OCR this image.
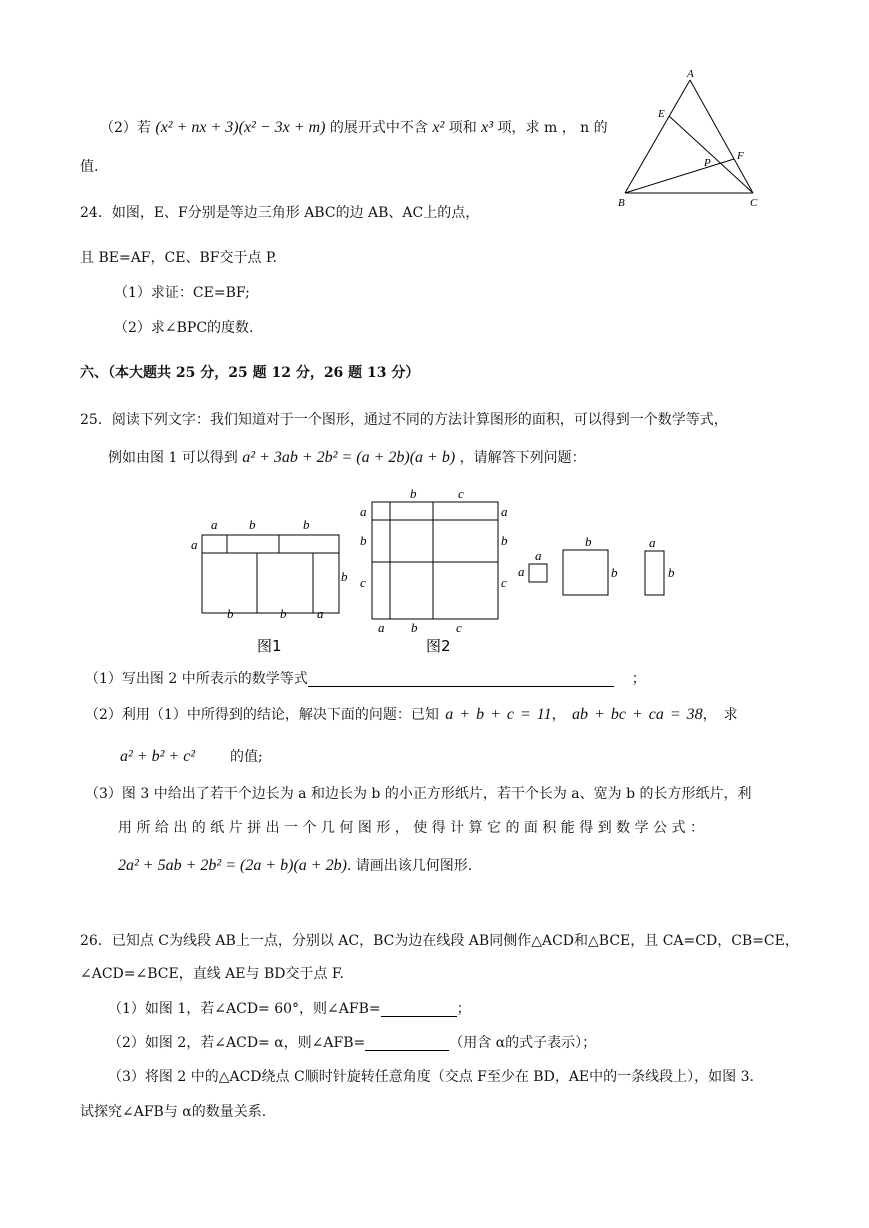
（2）若 (x² + nx + 3)(x² − 3x + m) 的展开式中不含 x² 项和 x³ 项，求 m ， n 的
值.
A
E
F
P
B	C
24．如图，E、F分别是等边三角形 ABC的边 AB、AC上的点，
且 BE=AF，CE、BF交于点 P.
（1）求证：CE=BF;
（2）求∠BPC的度数.
六、（本大题共 25 分，25 题 12 分，26 题 13 分）
25．阅读下列文字：我们知道对于一个图形，通过不同的方法计算图形的面积，可以得到一个数学等式，
例如由图 1 可以得到 a² + 3ab + 2b² = (a + 2b)(a + b) ，请解答下列问题：
a b	b
a
b
b	b a
图1
b	c
a
b
c
a
b
c
a b	c
图2
a
a
b
b
a
b
（1）写出图 2 中所表示的数学等式	；
（2）利用（1）中所得到的结论，解决下面的问题：已知 a + b + c = 11， ab + bc + ca = 38，　求
a² + b² + c² 的值;
（3）图 3 中给出了若干个边长为 a 和边长为 b 的小正方形纸片，若干个长为 a、宽为 b 的长方形纸片，利
用 所 给 出 的 纸 片 拼 出 一 个 几 何 图 形 ， 使 得 计 算 它 的 面 积 能 得 到 数 学 公 式 ：
2a² + 5ab + 2b² = (2a + b)(a + 2b). 请画出该几何图形.
26．已知点 C为线段 AB上一点，分别以 AC，BC为边在线段 AB同侧作△ACD和△BCE，且 CA=CD，CB=CE，
∠ACD=∠BCE，直线 AE与 BD交于点 F.
（1）如图 1，若∠ACD= 60°，则∠AFB=	；
（2）如图 2，若∠ACD= α，则∠AFB=	（用含 α的式子表示）；
（3）将图 2 中的△ACD绕点 C顺时针旋转任意角度（交点 F至少在 BD，AE中的一条线段上），如图 3.
试探究∠AFB与 α的数量关系.
